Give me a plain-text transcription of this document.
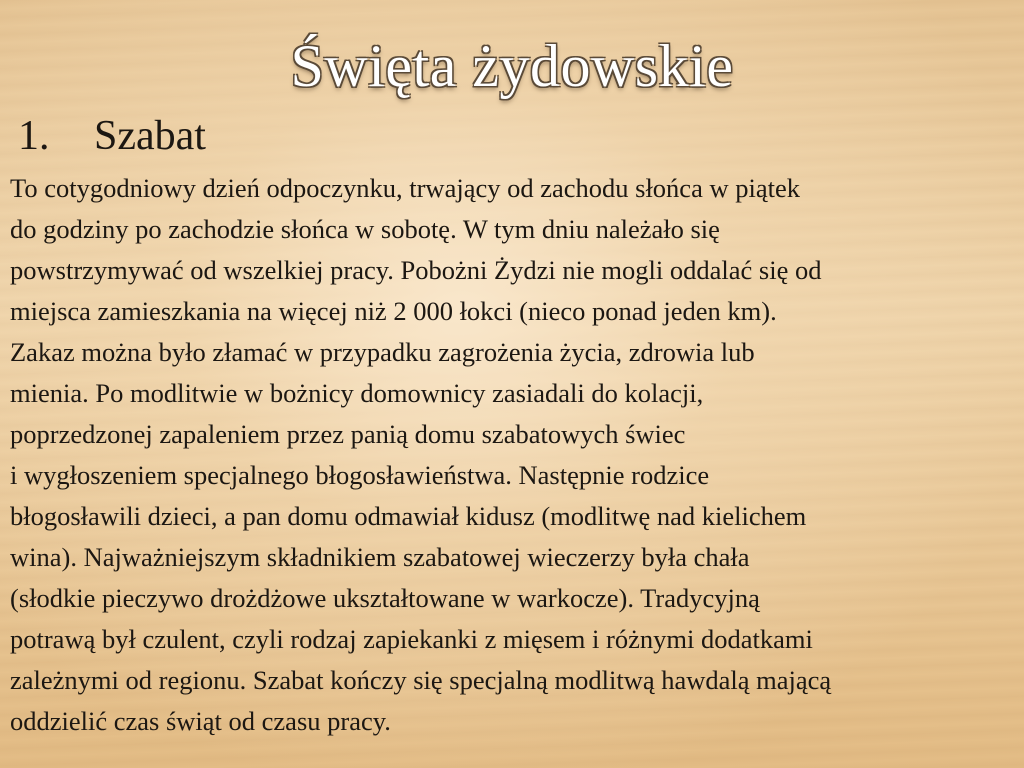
Święta żydowskie
1. Szabat
To cotygodniowy dzień odpoczynku, trwający od zachodu słońca w piątek
do godziny po zachodzie słońca w sobotę. W tym dniu należało się
powstrzymywać od wszelkiej pracy. Pobożni Żydzi nie mogli oddalać się od
miejsca zamieszkania na więcej niż 2 000 łokci (nieco ponad jeden km).
Zakaz można było złamać w przypadku zagrożenia życia, zdrowia lub
mienia. Po modlitwie w bożnicy domownicy zasiadali do kolacji,
poprzedzonej zapaleniem przez panią domu szabatowych świec
i wygłoszeniem specjalnego błogosławieństwa. Następnie rodzice
błogosławili dzieci, a pan domu odmawiał kidusz (modlitwę nad kielichem
wina). Najważniejszym składnikiem szabatowej wieczerzy była chała
(słodkie pieczywo drożdżowe ukształtowane w warkocze). Tradycyjną
potrawą był czulent, czyli rodzaj zapiekanki z mięsem i różnymi dodatkami
zależnymi od regionu. Szabat kończy się specjalną modlitwą hawdalą mającą
oddzielić czas świąt od czasu pracy.
